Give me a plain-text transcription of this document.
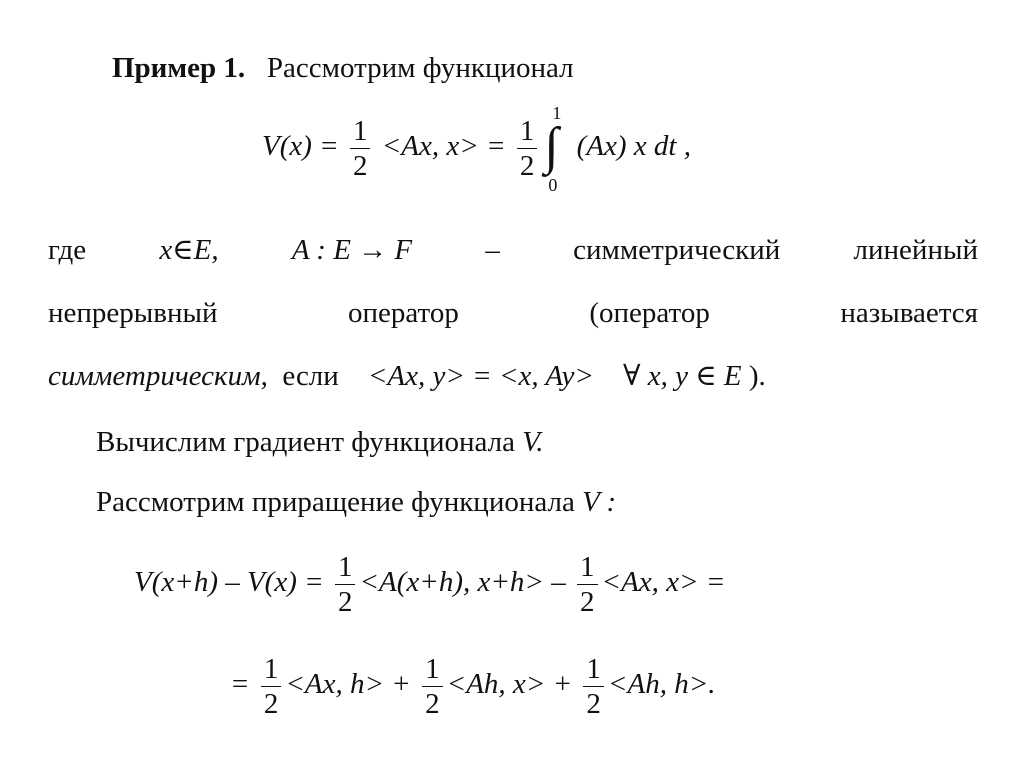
Пример 1. Рассмотрим функционал
$V(x) = \frac{1}{2} <Ax$, $x> = \frac{1}{2}$
1
∫
0
(Ax) x dt ,
где	x∈E,	A : E → F	–	симметрический	линейный
непрерывный	оператор	(оператор	называется
симметрическим, если <Ax, y> = <x, Ay> ∀ x, y ∈ E ).
Вычислим градиент функционала V.
Рассмотрим приращение функционала V :
$V(x+h) - V(x) = \frac{1}{2} <A(x+h)$, $x+h> - \frac{1}{2} <Ax$, x> =
= $\frac{1}{2} <Ax$, $h> + \frac{1}{2} <Ah$, $x> + \frac{1}{2} <Ah$, h>.
